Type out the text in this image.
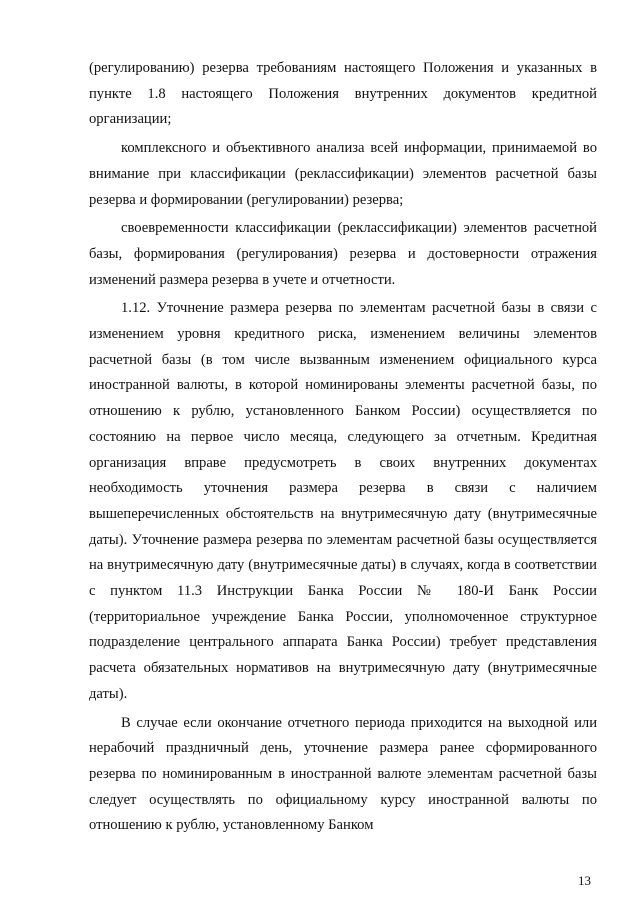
(регулированию) резерва требованиям настоящего Положения и указанных в пункте 1.8 настоящего Положения внутренних документов кредитной организации;

комплексного и объективного анализа всей информации, принимаемой во внимание при классификации (реклассификации) элементов расчетной базы резерва и формировании (регулировании) резерва;

своевременности классификации (реклассификации) элементов расчетной базы, формирования (регулирования) резерва и достоверности отражения изменений размера резерва в учете и отчетности.

1.12. Уточнение размера резерва по элементам расчетной базы в связи с изменением уровня кредитного риска, изменением величины элементов расчетной базы (в том числе вызванным изменением официального курса иностранной валюты, в которой номинированы элементы расчетной базы, по отношению к рублю, установленного Банком России) осуществляется по состоянию на первое число месяца, следующего за отчетным. Кредитная организация вправе предусмотреть в своих внутренних документах необходимость уточнения размера резерва в связи с наличием вышеперечисленных обстоятельств на внутримесячную дату (внутримесячные даты). Уточнение размера резерва по элементам расчетной базы осуществляется на внутримесячную дату (внутримесячные даты) в случаях, когда в соответствии с пунктом 11.3 Инструкции Банка России № 180-И Банк России (территориальное учреждение Банка России, уполномоченное структурное подразделение центрального аппарата Банка России) требует представления расчета обязательных нормативов на внутримесячную дату (внутримесячные даты).

В случае если окончание отчетного периода приходится на выходной или нерабочий праздничный день, уточнение размера ранее сформированного резерва по номинированным в иностранной валюте элементам расчетной базы следует осуществлять по официальному курсу иностранной валюты по отношению к рублю, установленному Банком

13
